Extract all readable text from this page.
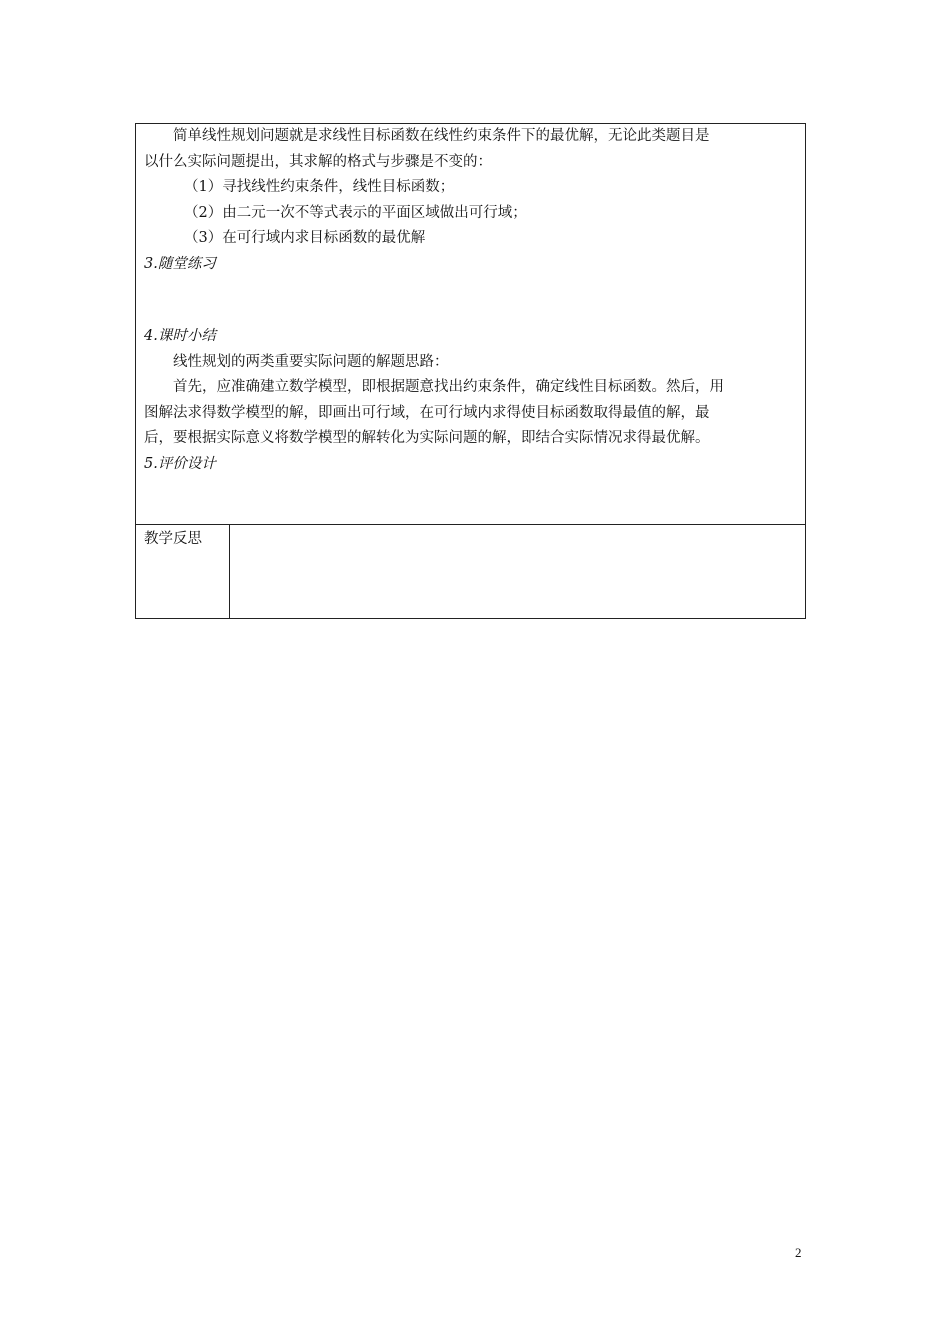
简单线性规划问题就是求线性目标函数在线性约束条件下的最优解，无论此类题目是

以什么实际问题提出，其求解的格式与步骤是不变的：

（1）寻找线性约束条件，线性目标函数；

（2）由二元一次不等式表示的平面区域做出可行域；

（3）在可行域内求目标函数的最优解

3.随堂练习

4.课时小结

线性规划的两类重要实际问题的解题思路：

首先，应准确建立数学模型，即根据题意找出约束条件，确定线性目标函数。然后，用

图解法求得数学模型的解，即画出可行域，在可行域内求得使目标函数取得最值的解，最

后，要根据实际意义将数学模型的解转化为实际问题的解，即结合实际情况求得最优解。

5.评价设计

教学反思	
2
